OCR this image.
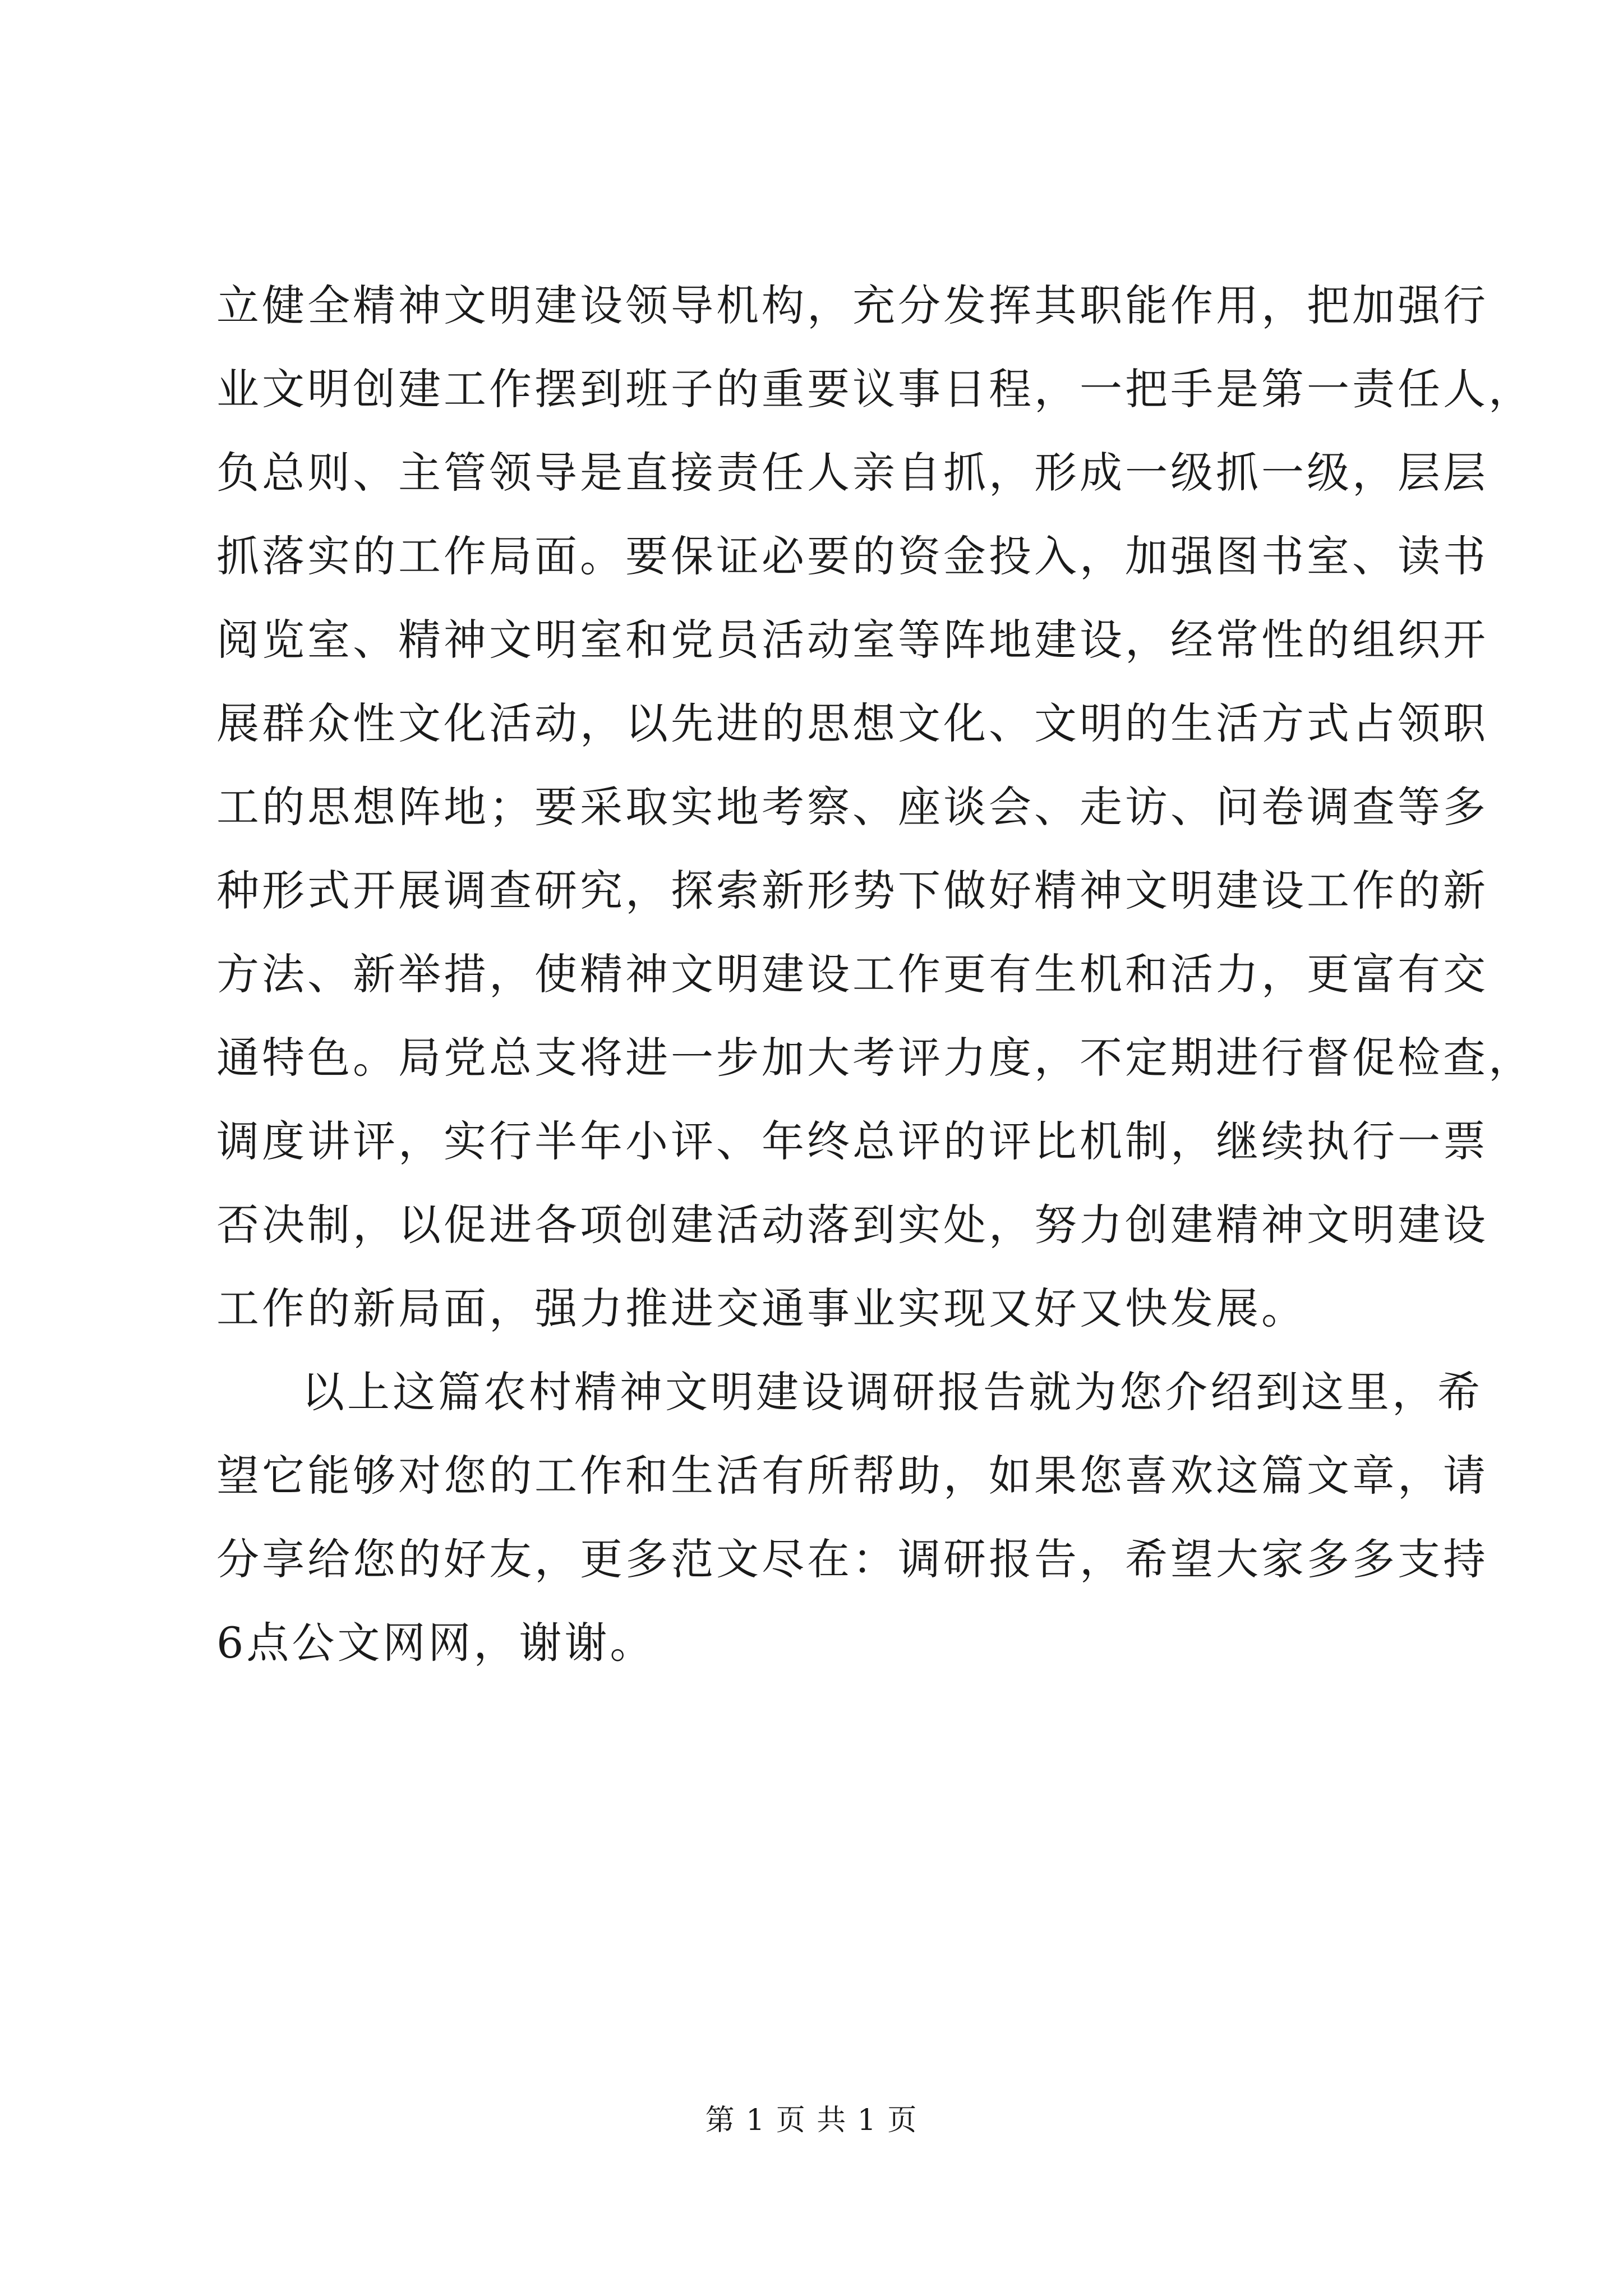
立健全精神文明建设领导机构，充分发挥其职能作用，把加强行
业文明创建工作摆到班子的重要议事日程，一把手是第一责任人，
负总则、主管领导是直接责任人亲自抓，形成一级抓一级，层层
抓落实的工作局面。要保证必要的资金投入，加强图书室、读书
阅览室、精神文明室和党员活动室等阵地建设，经常性的组织开
展群众性文化活动，以先进的思想文化、文明的生活方式占领职
工的思想阵地；要采取实地考察、座谈会、走访、问卷调查等多
种形式开展调查研究，探索新形势下做好精神文明建设工作的新
方法、新举措，使精神文明建设工作更有生机和活力，更富有交
通特色。局党总支将进一步加大考评力度，不定期进行督促检查，
调度讲评，实行半年小评、年终总评的评比机制，继续执行一票
否决制，以促进各项创建活动落到实处，努力创建精神文明建设
工作的新局面，强力推进交通事业实现又好又快发展。
以上这篇农村精神文明建设调研报告就为您介绍到这里，希
望它能够对您的工作和生活有所帮助，如果您喜欢这篇文章，请
分享给您的好友，更多范文尽在：调研报告，希望大家多多支持
6点公文网网，谢谢。
第 1 页 共 1 页
